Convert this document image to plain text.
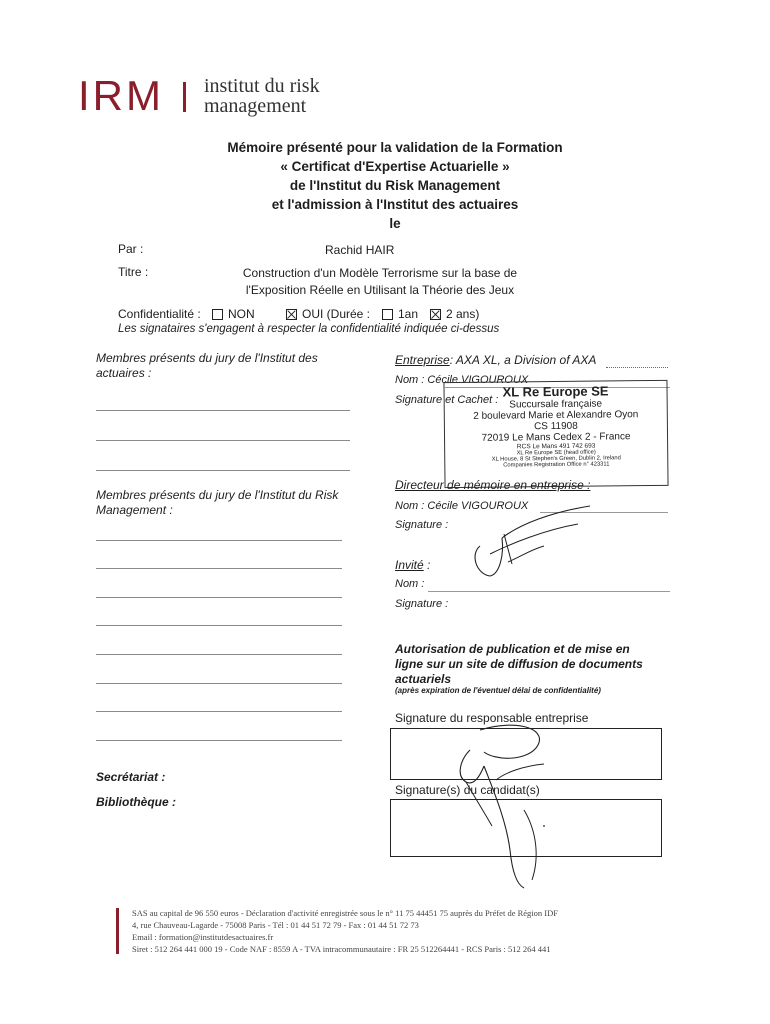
IRM institut du risk
management
Mémoire présenté pour la validation de la Formation
« Certificat d'Expertise Actuarielle »
de l'Institut du Risk Management
et l'admission à l'Institut des actuaires
le
Par :	Rachid HAIR
Titre :	Construction d'un Modèle Terrorisme sur la base de
l'Exposition Réelle en Utilisant la Théorie des Jeux
Confidentialité : NON	OUI (Durée : 1an 2 ans)
Les signataires s'engagent à respecter la confidentialité indiquée ci-dessus
Membres présents du jury de l'Institut des actuaires :
Membres présents du jury de l'Institut du Risk Management :
Secrétariat :
Bibliothèque :
Entreprise: AXA XL, a Division of AXA
Nom : Cécile VIGOUROUX
Signature et Cachet :
XL Re Europe SE
Succursale française
2 boulevard Marie et Alexandre Oyon
CS 11908
72019 Le Mans Cedex 2 - France
RCS Le Mans 491 742 693
XL Re Europe SE (head office)
XL House, 8 St Stephen's Green, Dublin 2, Ireland
Companies Registration Office n° 423311
Directeur de mémoire en entreprise :
Nom : Cécile VIGOUROUX
Signature :
Invité :
Nom :
Signature :
Autorisation de publication et de mise en
ligne sur un site de diffusion de documents
actuariels
(après expiration de l'éventuel délai de confidentialité)
Signature du responsable entreprise
Signature(s) du candidat(s)
SAS au capital de 96 550 euros - Déclaration d'activité enregistrée sous le n° 11 75 44451 75 auprès du Préfet de Région IDF
4, rue Chauveau-Lagarde - 75008 Paris - Tél : 01 44 51 72 79 - Fax : 01 44 51 72 73
Email : formation@institutdesactuaires.fr
Siret : 512 264 441 000 19 - Code NAF : 8559 A - TVA intracommunautaire : FR 25 512264441 - RCS Paris : 512 264 441
